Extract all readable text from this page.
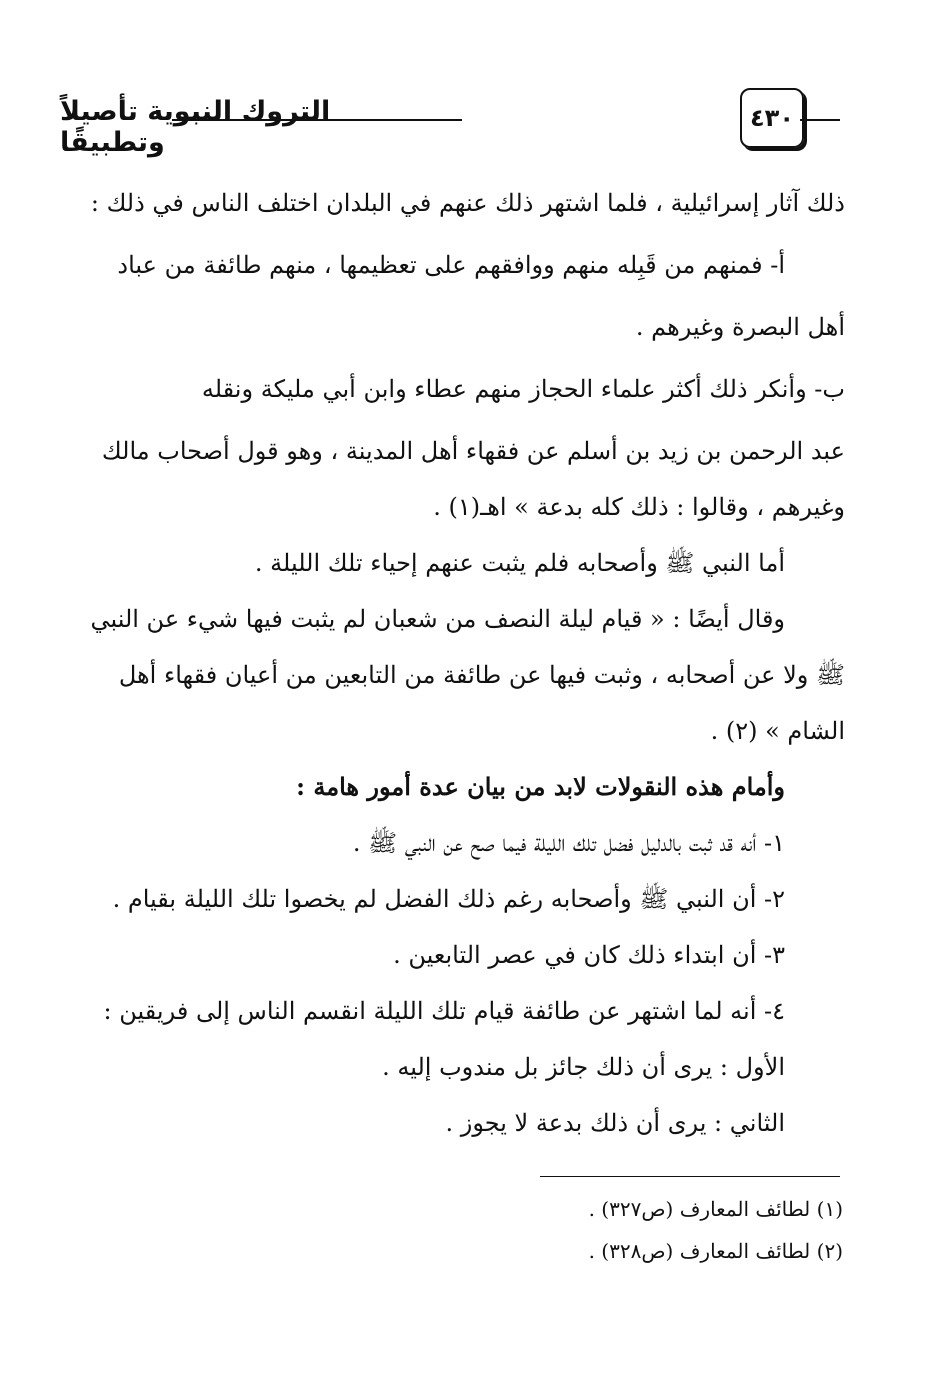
التروك النبوية تأصيلاً وتطبيقًا
٤٣٠
ذلك آثار إسرائيلية ، فلما اشتهر ذلك عنهم في البلدان اختلف الناس في ذلك :
أ- فمنهم من قَبِله منهم ووافقهم على تعظيمها ، منهم طائفة من عباد
أهل البصرة وغيرهم .
ب- وأنكر ذلك أكثر علماء الحجاز منهم عطاء وابن أبي مليكة ونقله
عبد الرحمن بن زيد بن أسلم عن فقهاء أهل المدينة ، وهو قول أصحاب مالك
وغيرهم ، وقالوا : ذلك كله بدعة » اهـ(١) .
أما النبي ﷺ وأصحابه فلم يثبت عنهم إحياء تلك الليلة .
وقال أيضًا : « قيام ليلة النصف من شعبان لم يثبت فيها شيء عن النبي
ﷺ ولا عن أصحابه ، وثبت فيها عن طائفة من التابعين من أعيان فقهاء أهل
الشام » (٢) .
وأمام هذه النقولات لابد من بيان عدة أمور هامة :
١- أنه قد ثبت بالدليل فضل تلك الليلة فيما صح عن النبي ﷺ .
٢- أن النبي ﷺ وأصحابه رغم ذلك الفضل لم يخصوا تلك الليلة بقيام .
٣- أن ابتداء ذلك كان في عصر التابعين .
٤- أنه لما اشتهر عن طائفة قيام تلك الليلة انقسم الناس إلى فريقين :
الأول : يرى أن ذلك جائز بل مندوب إليه .
الثاني : يرى أن ذلك بدعة لا يجوز .
(١) لطائف المعارف (ص٣٢٧) .
(٢) لطائف المعارف (ص٣٢٨) .
